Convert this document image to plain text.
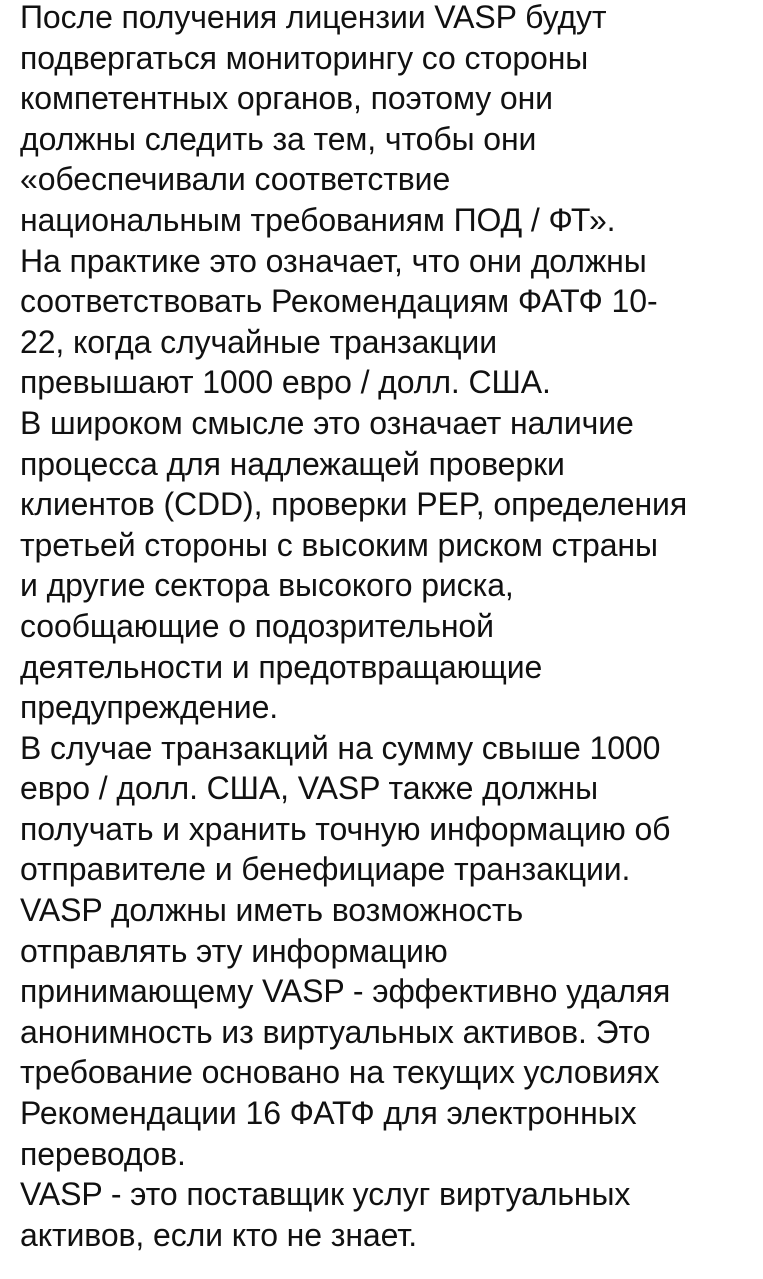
После получения лицензии VASP будут
подвергаться мониторингу со стороны
компетентных органов, поэтому они
должны следить за тем, чтобы они
«обеспечивали соответствие
национальным требованиям ПОД / ФТ».
На практике это означает, что они должны
соответствовать Рекомендациям ФАТФ 10-
22, когда случайные транзакции
превышают 1000 евро / долл. США.
В широком смысле это означает наличие
процесса для надлежащей проверки
клиентов (CDD), проверки PEP, определения
третьей стороны с высоким риском страны
и другие сектора высокого риска,
сообщающие о подозрительной
деятельности и предотвращающие
предупреждение.
В случае транзакций на сумму свыше 1000
евро / долл. США, VASP также должны
получать и хранить точную информацию об
отправителе и бенефициаре транзакции.
VASP должны иметь возможность
отправлять эту информацию
принимающему VASP - эффективно удаляя
анонимность из виртуальных активов. Это
требование основано на текущих условиях
Рекомендации 16 ФАТФ для электронных
переводов.
VASP - это поставщик услуг виртуальных
активов, если кто не знает.
